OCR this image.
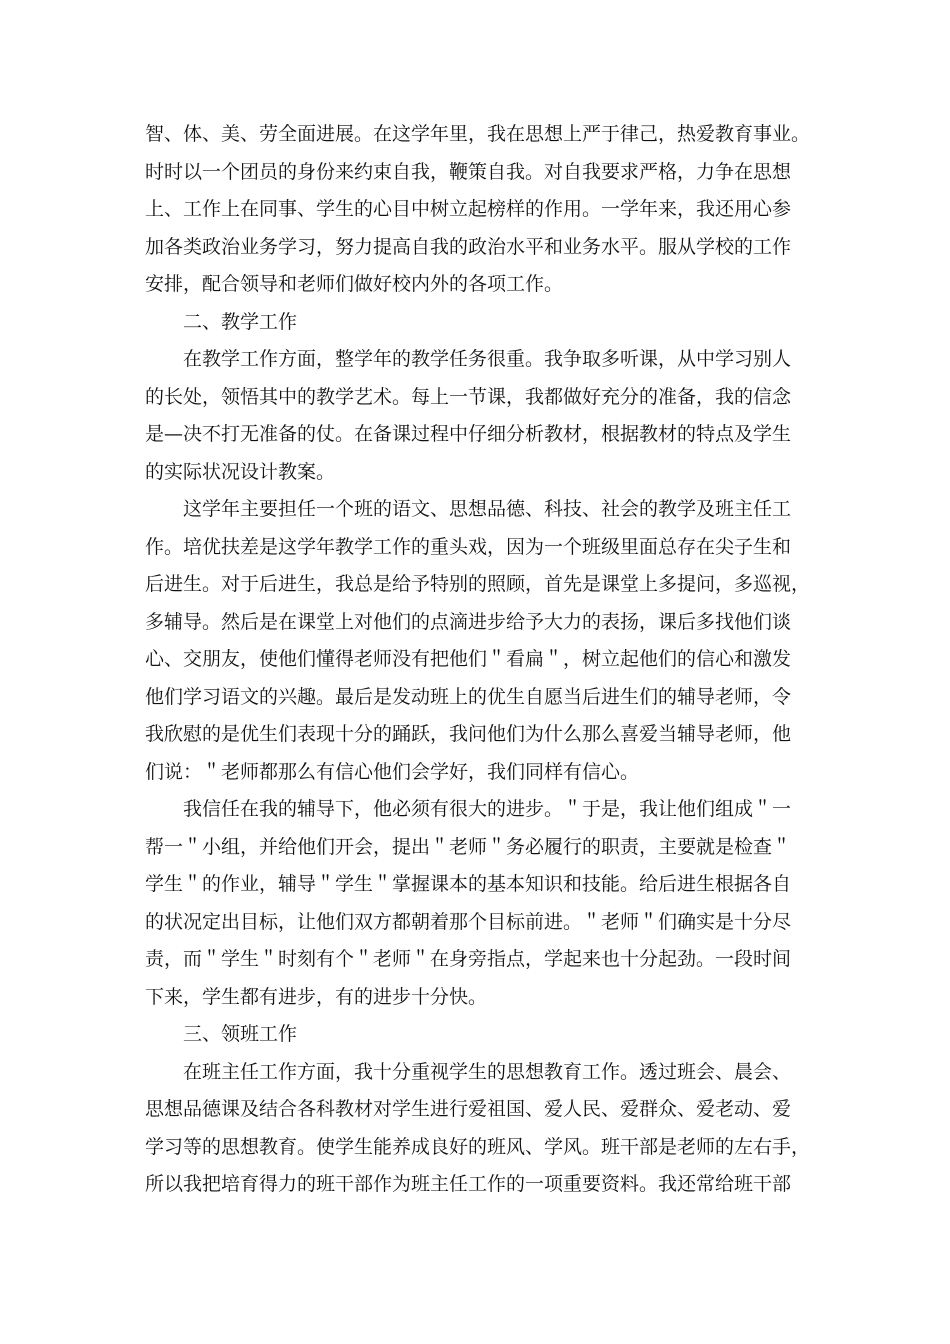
智、体、美、劳全面进展。在这学年里，我在思想上严于律己，热爱教育事业。
时时以一个团员的身份来约束自我，鞭策自我。对自我要求严格，力争在思想
上、工作上在同事、学生的心目中树立起榜样的作用。一学年来，我还用心参
加各类政治业务学习，努力提高自我的政治水平和业务水平。服从学校的工作
安排，配合领导和老师们做好校内外的各项工作。
二、教学工作
在教学工作方面，整学年的教学任务很重。我争取多听课，从中学习别人
的长处，领悟其中的教学艺术。每上一节课，我都做好充分的准备，我的信念
是—决不打无准备的仗。在备课过程中仔细分析教材，根据教材的特点及学生
的实际状况设计教案。
这学年主要担任一个班的语文、思想品德、科技、社会的教学及班主任工
作。培优扶差是这学年教学工作的重头戏，因为一个班级里面总存在尖子生和
后进生。对于后进生，我总是给予特别的照顾，首先是课堂上多提问，多巡视，
多辅导。然后是在课堂上对他们的点滴进步给予大力的表扬，课后多找他们谈
心、交朋友，使他们懂得老师没有把他们＂看扁＂，树立起他们的信心和激发
他们学习语文的兴趣。最后是发动班上的优生自愿当后进生们的辅导老师，令
我欣慰的是优生们表现十分的踊跃，我问他们为什么那么喜爱当辅导老师，他
们说：＂老师都那么有信心他们会学好，我们同样有信心。
我信任在我的辅导下，他必须有很大的进步。＂于是，我让他们组成＂一
帮一＂小组，并给他们开会，提出＂老师＂务必履行的职责，主要就是检查＂
学生＂的作业，辅导＂学生＂掌握课本的基本知识和技能。给后进生根据各自
的状况定出目标，让他们双方都朝着那个目标前进。＂老师＂们确实是十分尽
责，而＂学生＂时刻有个＂老师＂在身旁指点，学起来也十分起劲。一段时间
下来，学生都有进步，有的进步十分快。
三、领班工作
在班主任工作方面，我十分重视学生的思想教育工作。透过班会、晨会、
思想品德课及结合各科教材对学生进行爱祖国、爱人民、爱群众、爱老动、爱
学习等的思想教育。使学生能养成良好的班风、学风。班干部是老师的左右手，
所以我把培育得力的班干部作为班主任工作的一项重要资料。我还常给班干部
